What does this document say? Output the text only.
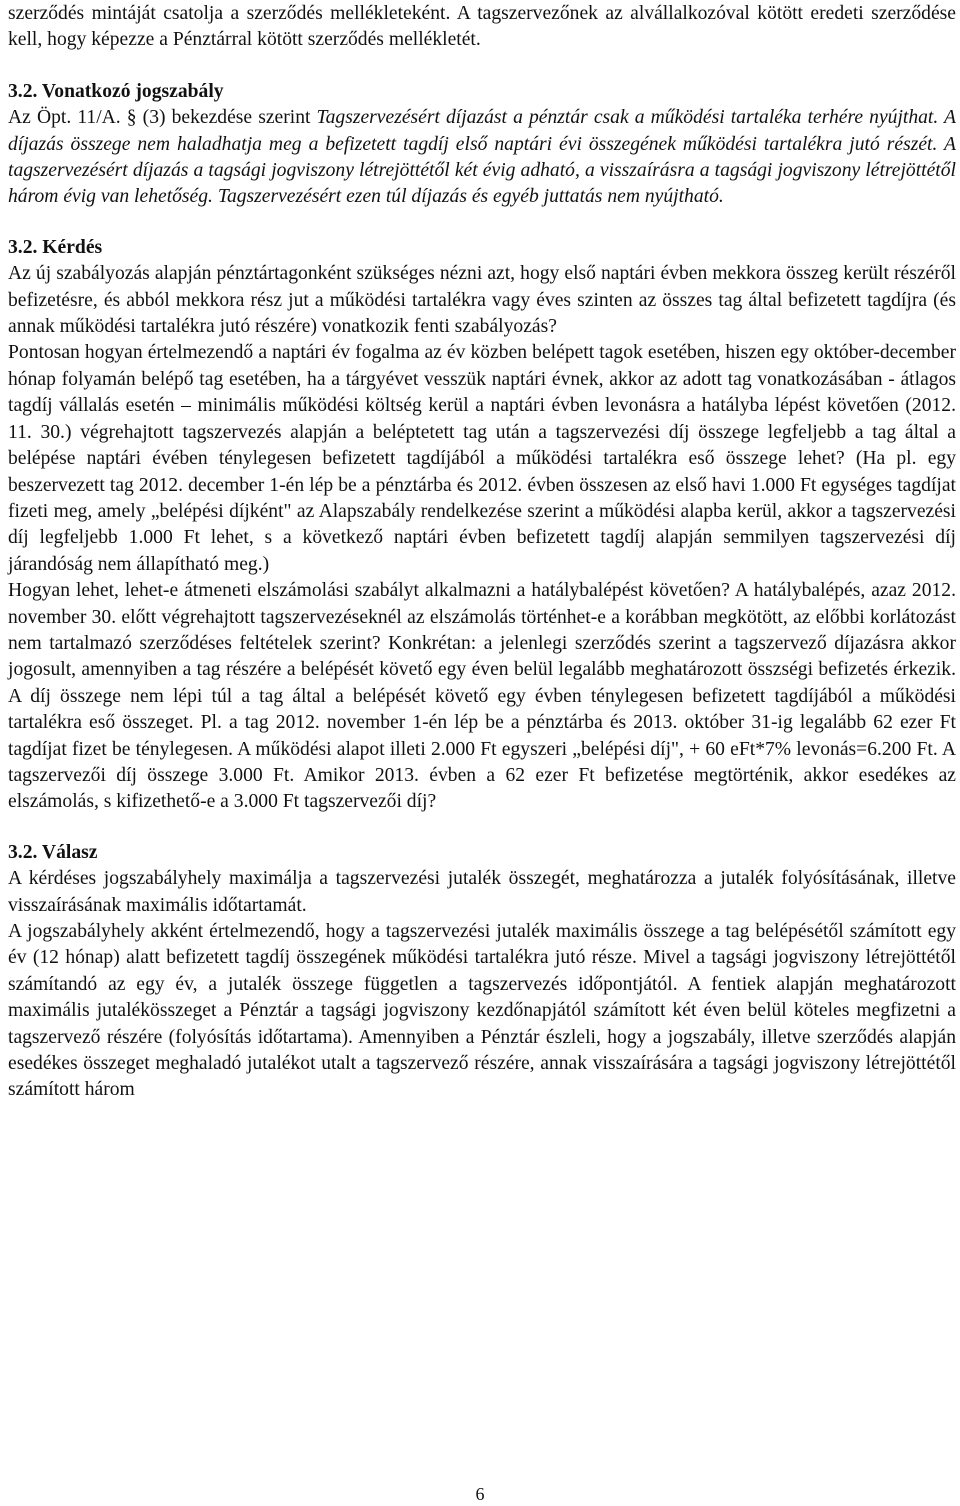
szerződés mintáját csatolja a szerződés mellékleteként. A tagszervezőnek az alvállalkozóval kötött eredeti szerződése kell, hogy képezze a Pénztárral kötött szerződés mellékletét.

3.2. Vonatkozó jogszabály

Az Öpt. 11/A. § (3) bekezdése szerint Tagszervezésért díjazást a pénztár csak a működési tartaléka terhére nyújthat. A díjazás összege nem haladhatja meg a befizetett tagdíj első naptári évi összegének működési tartalékra jutó részét. A tagszervezésért díjazás a tagsági jogviszony létrejöttétől két évig adható, a visszaírásra a tagsági jogviszony létrejöttétől három évig van lehetőség. Tagszervezésért ezen túl díjazás és egyéb juttatás nem nyújtható.

3.2. Kérdés

Az új szabályozás alapján pénztártagonként szükséges nézni azt, hogy első naptári évben mekkora összeg került részéről befizetésre, és abból mekkora rész jut a működési tartalékra vagy éves szinten az összes tag által befizetett tagdíjra (és annak működési tartalékra jutó részére) vonatkozik fenti szabályozás?

Pontosan hogyan értelmezendő a naptári év fogalma az év közben belépett tagok esetében, hiszen egy október-december hónap folyamán belépő tag esetében, ha a tárgyévet vesszük naptári évnek, akkor az adott tag vonatkozásában - átlagos tagdíj vállalás esetén – minimális működési költség kerül a naptári évben levonásra a hatályba lépést követően (2012. 11. 30.) végrehajtott tagszervezés alapján a beléptetett tag után a tagszervezési díj összege legfeljebb a tag által a belépése naptári évében ténylegesen befizetett tagdíjából a működési tartalékra eső összege lehet? (Ha pl. egy beszervezett tag 2012. december 1-én lép be a pénztárba és 2012. évben összesen az első havi 1.000 Ft egységes tagdíjat fizeti meg, amely „belépési díjként" az Alapszabály rendelkezése szerint a működési alapba kerül, akkor a tagszervezési díj legfeljebb 1.000 Ft lehet, s a következő naptári évben befizetett tagdíj alapján semmilyen tagszervezési díj járandóság nem állapítható meg.)

Hogyan lehet, lehet-e átmeneti elszámolási szabályt alkalmazni a hatálybalépést követően? A hatálybalépés, azaz 2012. november 30. előtt végrehajtott tagszervezéseknél az elszámolás történhet-e a korábban megkötött, az előbbi korlátozást nem tartalmazó szerződéses feltételek szerint? Konkrétan: a jelenlegi szerződés szerint a tagszervező díjazásra akkor jogosult, amennyiben a tag részére a belépését követő egy éven belül legalább meghatározott összségi befizetés érkezik. A díj összege nem lépi túl a tag által a belépését követő egy évben ténylegesen befizetett tagdíjából a működési tartalékra eső összeget. Pl. a tag 2012. november 1-én lép be a pénztárba és 2013. október 31-ig legalább 62 ezer Ft tagdíjat fizet be ténylegesen. A működési alapot illeti 2.000 Ft egyszeri „belépési díj", + 60 eFt*7% levonás=6.200 Ft. A tagszervezői díj összege 3.000 Ft. Amikor 2013. évben a 62 ezer Ft befizetése megtörténik, akkor esedékes az elszámolás, s kifizethető-e a 3.000 Ft tagszervezői díj?

3.2. Válasz

A kérdéses jogszabályhely maximálja a tagszervezési jutalék összegét, meghatározza a jutalék folyósításának, illetve visszaírásának maximális időtartamát.

A jogszabályhely akként értelmezendő, hogy a tagszervezési jutalék maximális összege a tag belépésétől számított egy év (12 hónap) alatt befizetett tagdíj összegének működési tartalékra jutó része. Mivel a tagsági jogviszony létrejöttétől számítandó az egy év, a jutalék összege független a tagszervezés időpontjától. A fentiek alapján meghatározott maximális jutalékösszeget a Pénztár a tagsági jogviszony kezdőnapjától számított két éven belül köteles megfizetni a tagszervező részére (folyósítás időtartama). Amennyiben a Pénztár észleli, hogy a jogszabály, illetve szerződés alapján esedékes összeget meghaladó jutalékot utalt a tagszervező részére, annak visszaírására a tagsági jogviszony létrejöttétől számított három

6
